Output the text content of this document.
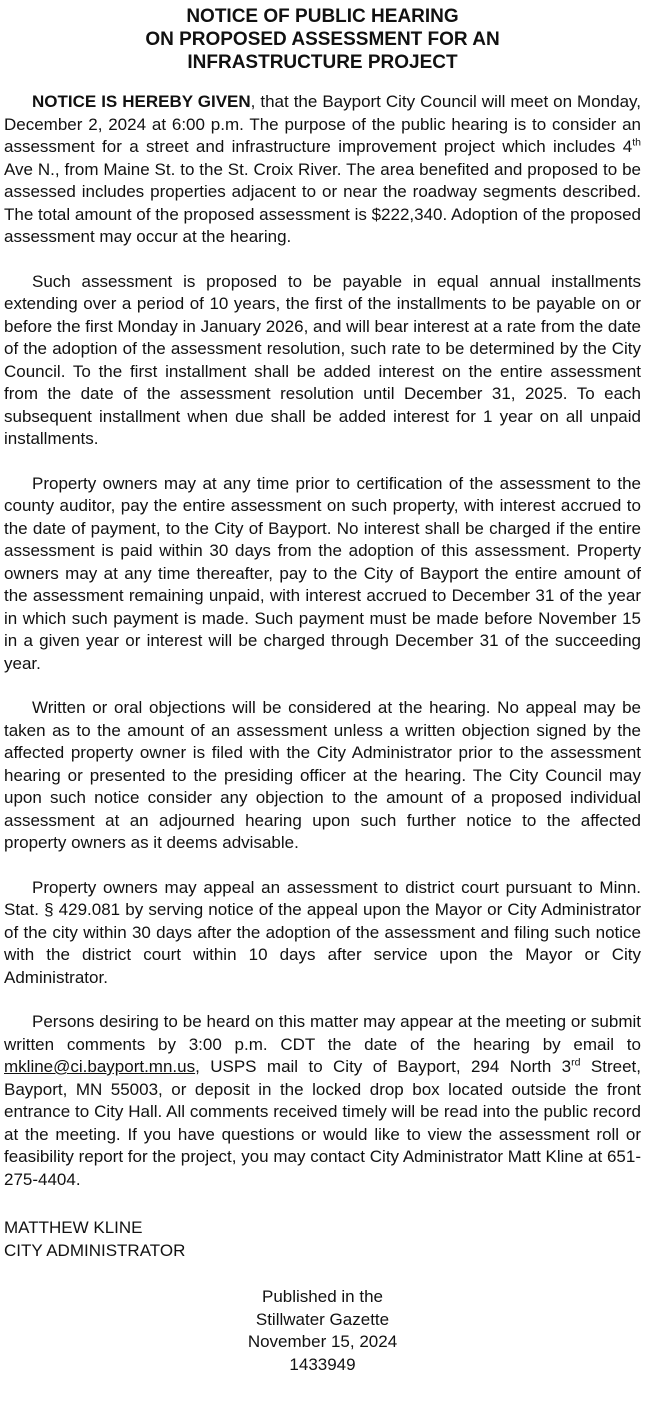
NOTICE OF PUBLIC HEARING
ON PROPOSED ASSESSMENT FOR AN
INFRASTRUCTURE PROJECT

NOTICE IS HEREBY GIVEN, that the Bayport City Council will meet on Monday, December 2, 2024 at 6:00 p.m. The purpose of the public hearing is to consider an assessment for a street and infrastructure improvement project which includes 4th Ave N., from Maine St. to the St. Croix River. The area benefited and proposed to be assessed includes properties adjacent to or near the roadway segments described. The total amount of the proposed assessment is $222,340. Adoption of the proposed assessment may occur at the hearing.

Such assessment is proposed to be payable in equal annual installments extending over a period of 10 years, the first of the installments to be payable on or before the first Monday in January 2026, and will bear interest at a rate from the date of the adoption of the assessment resolution, such rate to be determined by the City Council. To the first installment shall be added interest on the entire assessment from the date of the assessment resolution until December 31, 2025. To each subsequent installment when due shall be added interest for 1 year on all unpaid installments.

Property owners may at any time prior to certification of the assessment to the county auditor, pay the entire assessment on such property, with interest accrued to the date of payment, to the City of Bayport. No interest shall be charged if the entire assessment is paid within 30 days from the adoption of this assessment. Property owners may at any time thereafter, pay to the City of Bayport the entire amount of the assessment remaining unpaid, with interest accrued to December 31 of the year in which such payment is made. Such payment must be made before November 15 in a given year or interest will be charged through December 31 of the succeeding year.

Written or oral objections will be considered at the hearing. No appeal may be taken as to the amount of an assessment unless a written objection signed by the affected property owner is filed with the City Administrator prior to the assessment hearing or presented to the presiding officer at the hearing. The City Council may upon such notice consider any objection to the amount of a proposed individual assessment at an adjourned hearing upon such further notice to the affected property owners as it deems advisable.

Property owners may appeal an assessment to district court pursuant to Minn. Stat. § 429.081 by serving notice of the appeal upon the Mayor or City Administrator of the city within 30 days after the adoption of the assessment and filing such notice with the district court within 10 days after service upon the Mayor or City Administrator.

Persons desiring to be heard on this matter may appear at the meeting or submit written comments by 3:00 p.m. CDT the date of the hearing by email to mkline@ci.bayport.mn.us, USPS mail to City of Bayport, 294 North 3rd Street, Bayport, MN 55003, or deposit in the locked drop box located outside the front entrance to City Hall. All comments received timely will be read into the public record at the meeting. If you have questions or would like to view the assessment roll or feasibility report for the project, you may contact City Administrator Matt Kline at 651-275-4404.

MATTHEW KLINE
CITY ADMINISTRATOR
Published in the
Stillwater Gazette
November 15, 2024
1433949
